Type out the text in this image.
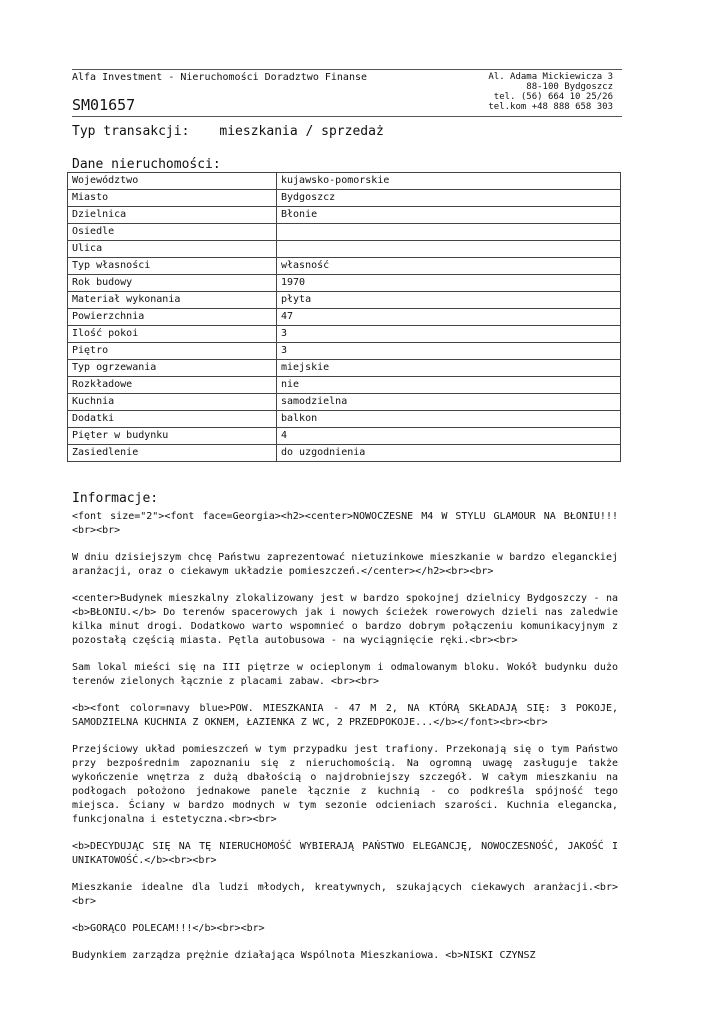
Alfa Investment - Nieruchomości Doradztwo Finanse
SM01657
Al. Adama Mickiewicza 3
88-100 Bydgoszcz
tel. (56) 664 10 25/26
tel.kom +48 888 658 303
Typ transakcji: mieszkania / sprzedaż
Dane nieruchomości:
Województwo	kujawsko-pomorskie
Miasto	Bydgoszcz
Dzielnica	Błonie
Osiedle	
Ulica	
Typ własności	własność
Rok budowy	1970
Materiał wykonania	płyta
Powierzchnia	47
Ilość pokoi	3
Piętro	3
Typ ogrzewania	miejskie
Rozkładowe	nie
Kuchnia	samodzielna
Dodatki	balkon
Pięter w budynku	4
Zasiedlenie	do uzgodnienia
Informacje:

<font size="2"><font face=Georgia><h2><center>NOWOCZESNE M4 W STYLU GLAMOUR NA BŁONIU!!!<br><br>

W dniu dzisiejszym chcę Państwu zaprezentować nietuzinkowe mieszkanie w bardzo eleganckiej aranżacji, oraz o ciekawym układzie pomieszczeń.</center></h2><br><br>

<center>Budynek mieszkalny zlokalizowany jest w bardzo spokojnej dzielnicy Bydgoszczy - na <b>BŁONIU.</b> Do terenów spacerowych jak i nowych ścieżek rowerowych dzieli nas zaledwie kilka minut drogi. Dodatkowo warto wspomnieć o bardzo dobrym połączeniu komunikacyjnym z pozostałą częścią miasta. Pętla autobusowa - na wyciągnięcie ręki.<br><br>

Sam lokal mieści się na III piętrze w ocieplonym i odmalowanym bloku. Wokół budynku dużo terenów zielonych łącznie z placami zabaw. <br><br>

<b><font color=navy blue>POW. MIESZKANIA - 47 M 2, NA KTÓRĄ SKŁADAJĄ SIĘ: 3 POKOJE, SAMODZIELNA KUCHNIA Z OKNEM, ŁAZIENKA Z WC, 2 PRZEDPOKOJE...</b></font><br><br>

Przejściowy układ pomieszczeń w tym przypadku jest trafiony. Przekonają się o tym Państwo przy bezpośrednim zapoznaniu się z nieruchomością. Na ogromną uwagę zasługuje także wykończenie wnętrza z dużą dbałością o najdrobniejszy szczegół. W całym mieszkaniu na podłogach położono jednakowe panele łącznie z kuchnią - co podkreśla spójność tego miejsca. Ściany w bardzo modnych w tym sezonie odcieniach szarości. Kuchnia elegancka, funkcjonalna i estetyczna.<br><br>

<b>DECYDUJĄC SIĘ NA TĘ NIERUCHOMOŚĆ WYBIERAJĄ PAŃSTWO ELEGANCJĘ, NOWOCZESNOŚĆ, JAKOŚĆ I UNIKATOWOŚĆ.</b><br><br>

Mieszkanie idealne dla ludzi młodych, kreatywnych, szukających ciekawych aranżacji.<br><br>

<b>GORĄCO POLECAM!!!</b><br><br>

Budynkiem zarządza prężnie działająca Wspólnota Mieszkaniowa. <b>NISKI CZYNSZ
